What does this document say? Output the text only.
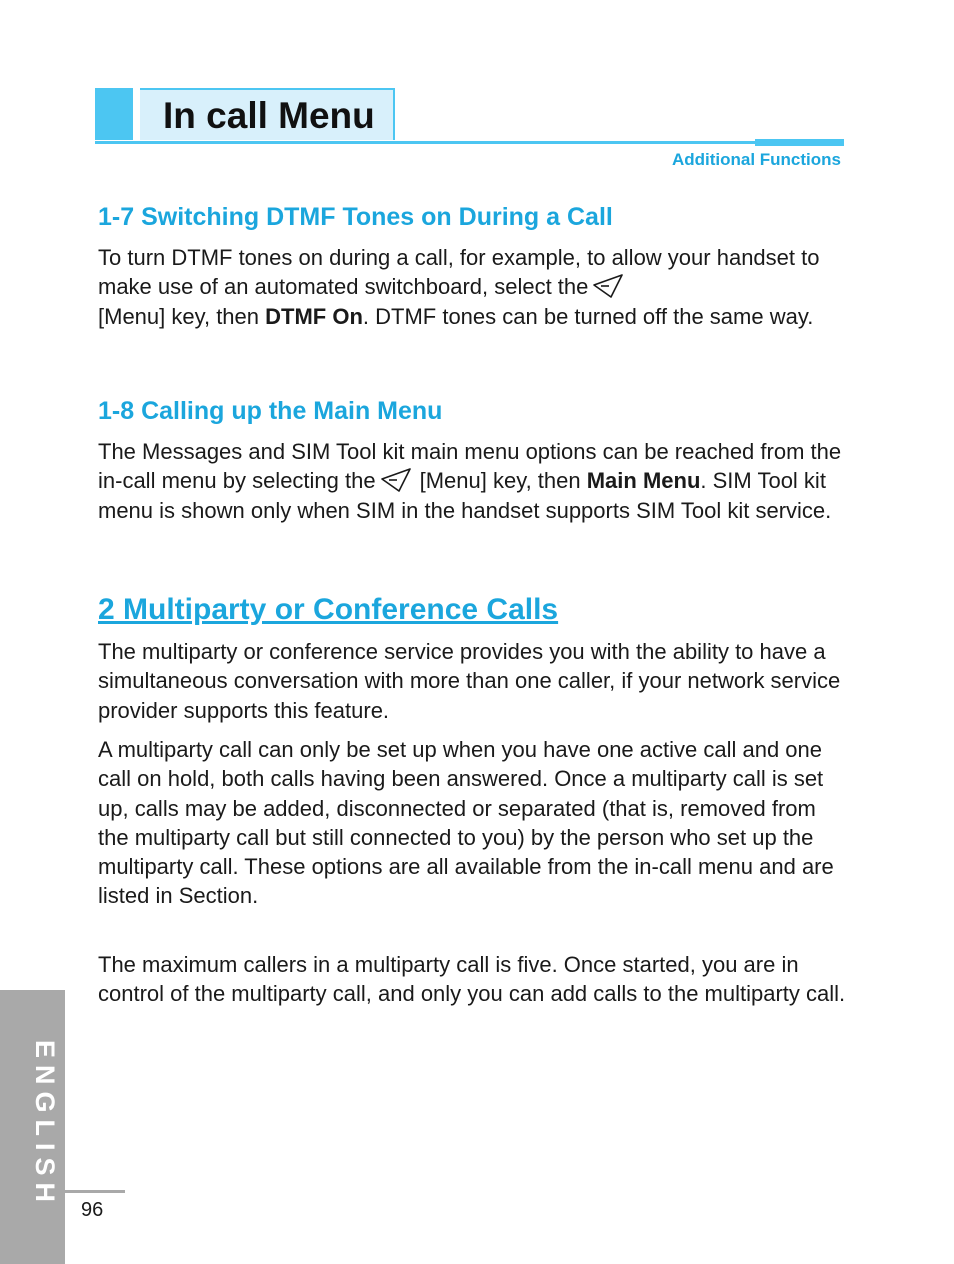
In call Menu
Additional Functions
1-7 Switching DTMF Tones on During a Call

To turn DTMF tones on during a call, for example, to allow your handset to make use of an automated switchboard, select the
[Menu] key, then DTMF On. DTMF tones can be turned off the same way.

1-8 Calling up the Main Menu

The Messages and SIM Tool kit main menu options can be reached from the in-call menu by selecting the [Menu] key, then Main Menu. SIM Tool kit menu is shown only when SIM in the handset supports SIM Tool kit service.

2 Multiparty or Conference Calls

The multiparty or conference service provides you with the ability to have a simultaneous conversation with more than one caller, if your network service provider supports this feature.

A multiparty call can only be set up when you have one active call and one call on hold, both calls having been answered. Once a multiparty call is set up, calls may be added, disconnected or separated (that is, removed from the multiparty call but still connected to you) by the person who set up the multiparty call. These options are all available from the in-call menu and are listed in Section.

The maximum callers in a multiparty call is five. Once started, you are in control of the multiparty call, and only you can add calls to the multiparty call.

ENGLISH
96
